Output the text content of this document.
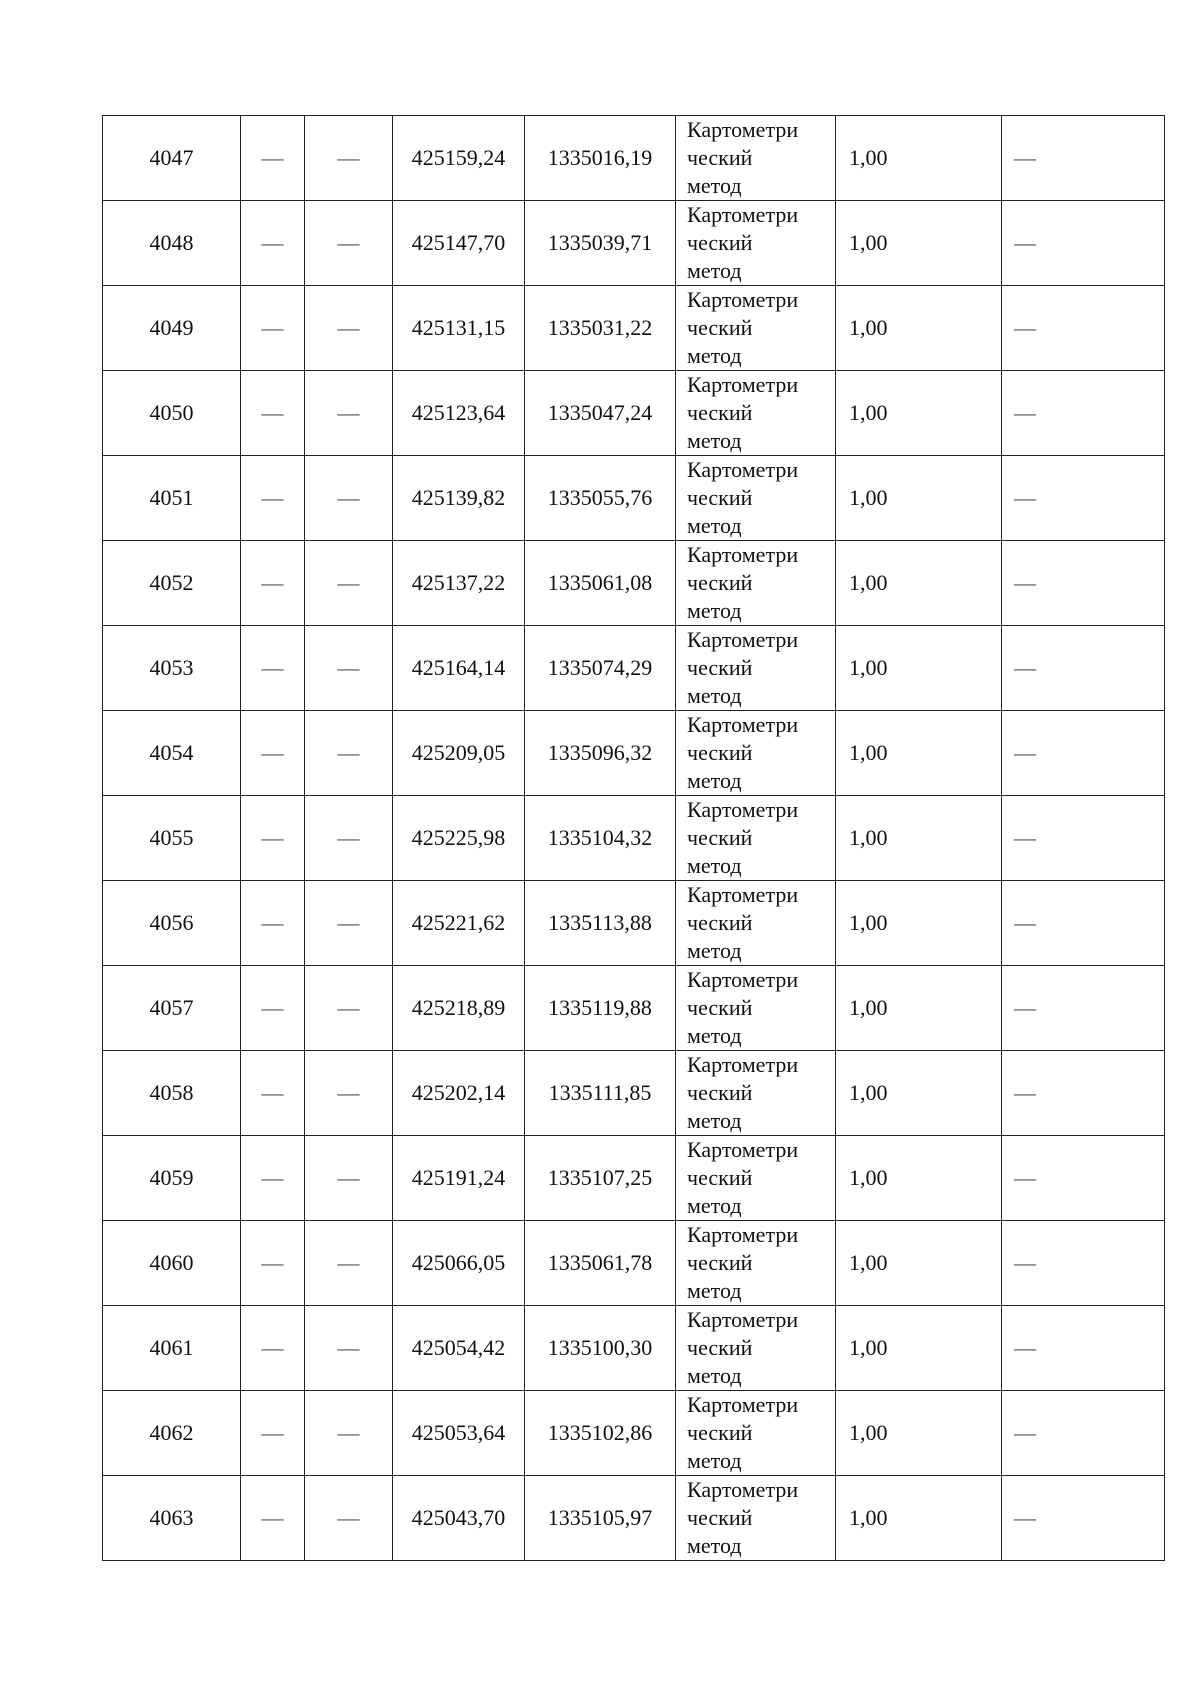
4047	—	—	425159,24	1335016,19	Картометри
ческий
метод	1,00	—
4048	—	—	425147,70	1335039,71	Картометри
ческий
метод	1,00	—
4049	—	—	425131,15	1335031,22	Картометри
ческий
метод	1,00	—
4050	—	—	425123,64	1335047,24	Картометри
ческий
метод	1,00	—
4051	—	—	425139,82	1335055,76	Картометри
ческий
метод	1,00	—
4052	—	—	425137,22	1335061,08	Картометри
ческий
метод	1,00	—
4053	—	—	425164,14	1335074,29	Картометри
ческий
метод	1,00	—
4054	—	—	425209,05	1335096,32	Картометри
ческий
метод	1,00	—
4055	—	—	425225,98	1335104,32	Картометри
ческий
метод	1,00	—
4056	—	—	425221,62	1335113,88	Картометри
ческий
метод	1,00	—
4057	—	—	425218,89	1335119,88	Картометри
ческий
метод	1,00	—
4058	—	—	425202,14	1335111,85	Картометри
ческий
метод	1,00	—
4059	—	—	425191,24	1335107,25	Картометри
ческий
метод	1,00	—
4060	—	—	425066,05	1335061,78	Картометри
ческий
метод	1,00	—
4061	—	—	425054,42	1335100,30	Картометри
ческий
метод	1,00	—
4062	—	—	425053,64	1335102,86	Картометри
ческий
метод	1,00	—
4063	—	—	425043,70	1335105,97	Картометри
ческий
метод	1,00	—
